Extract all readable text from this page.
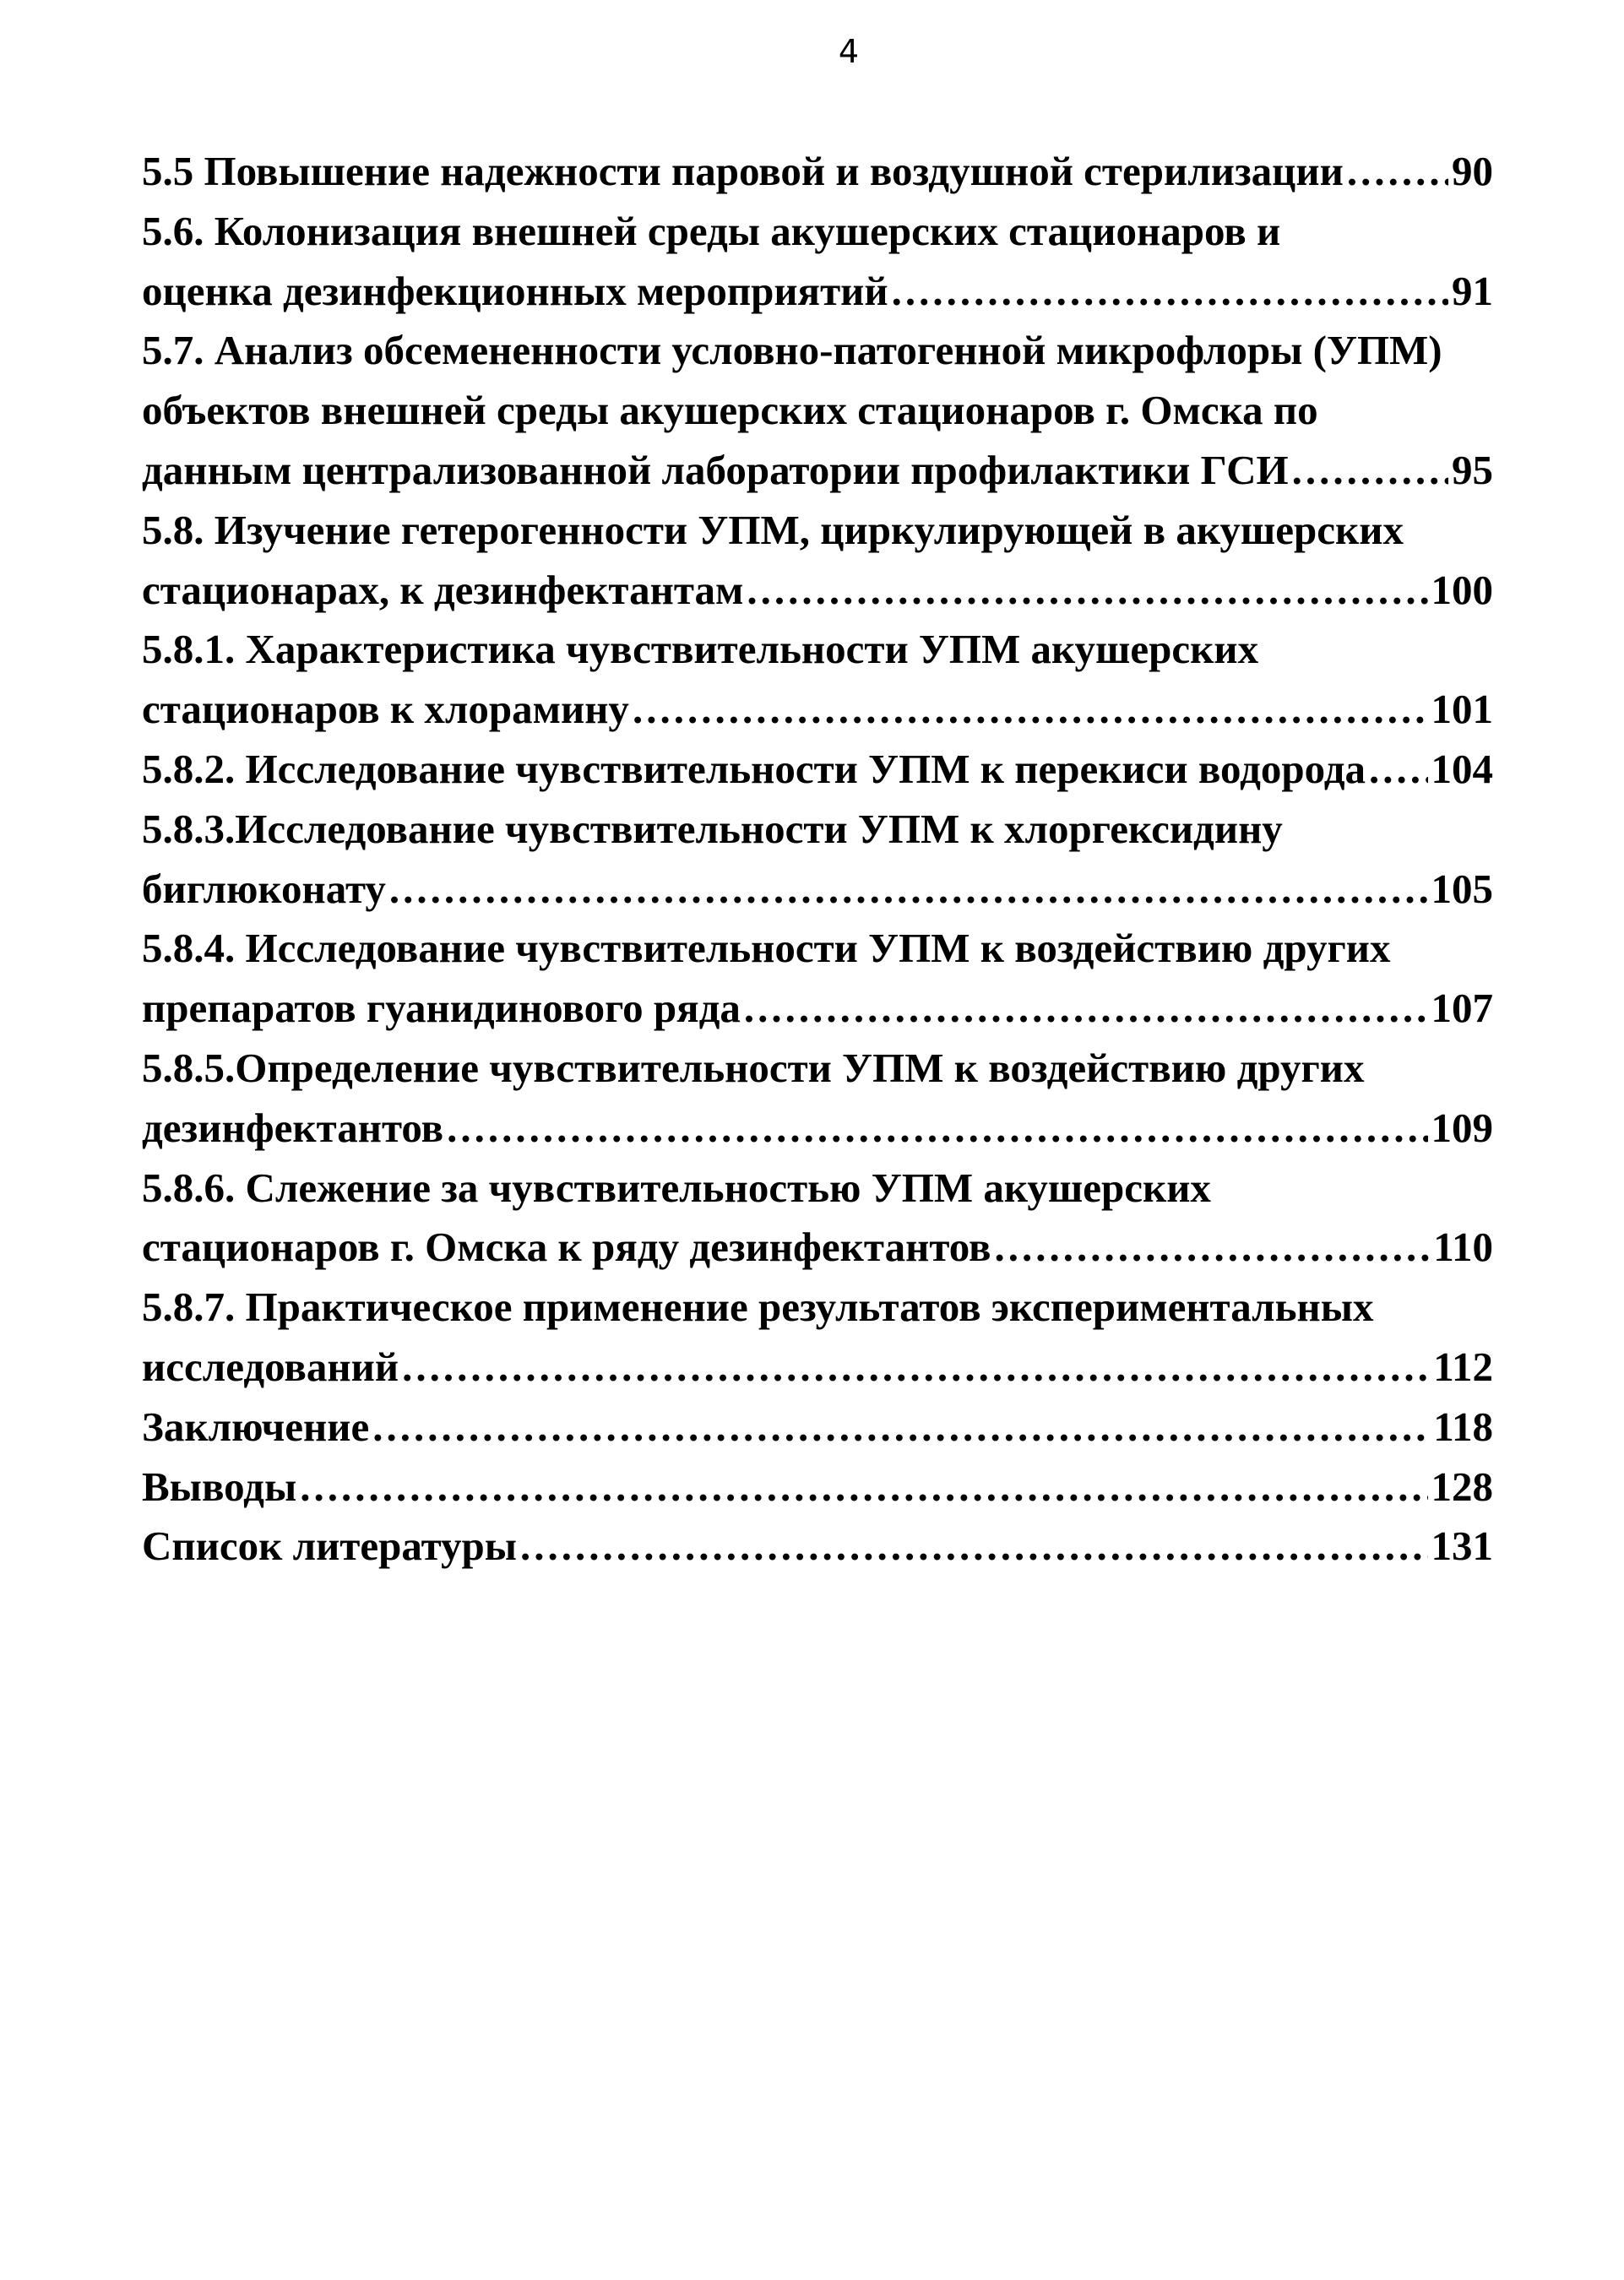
4
5.5 Повышение надежности паровой и воздушной стерилизации .....	90
5.6. Колонизация внешней среды акушерских стационаров и
оценка дезинфекционных мероприятий .....	91
5.7. Анализ обсемененности условно-патогенной микрофлоры (УПМ)
объектов внешней среды акушерских стационаров г. Омска по
данным централизованной лаборатории профилактики ГСИ .....	95
5.8. Изучение гетерогенности УПМ, циркулирующей в акушерских
стационарах, к дезинфектантам .....	100
5.8.1. Характеристика чувствительности УПМ акушерских
стационаров к хлорамину .....	101
5.8.2. Исследование чувствительности УПМ к перекиси водорода ..... 104
5.8.3.Исследование чувствительности УПМ к хлоргексидину
биглюконату .....	105
5.8.4. Исследование чувствительности УПМ к воздействию других
препаратов гуанидинового ряда .....	107
5.8.5.Определение чувствительности УПМ к воздействию других
дезинфектантов .....	109
5.8.6. Слежение за чувствительностью УПМ акушерских
стационаров г. Омска к ряду дезинфектантов .....	110
5.8.7. Практическое применение результатов экспериментальных
исследований .....	112
Заключение .....	118
Выводы .....	128
Список литературы .....	131
